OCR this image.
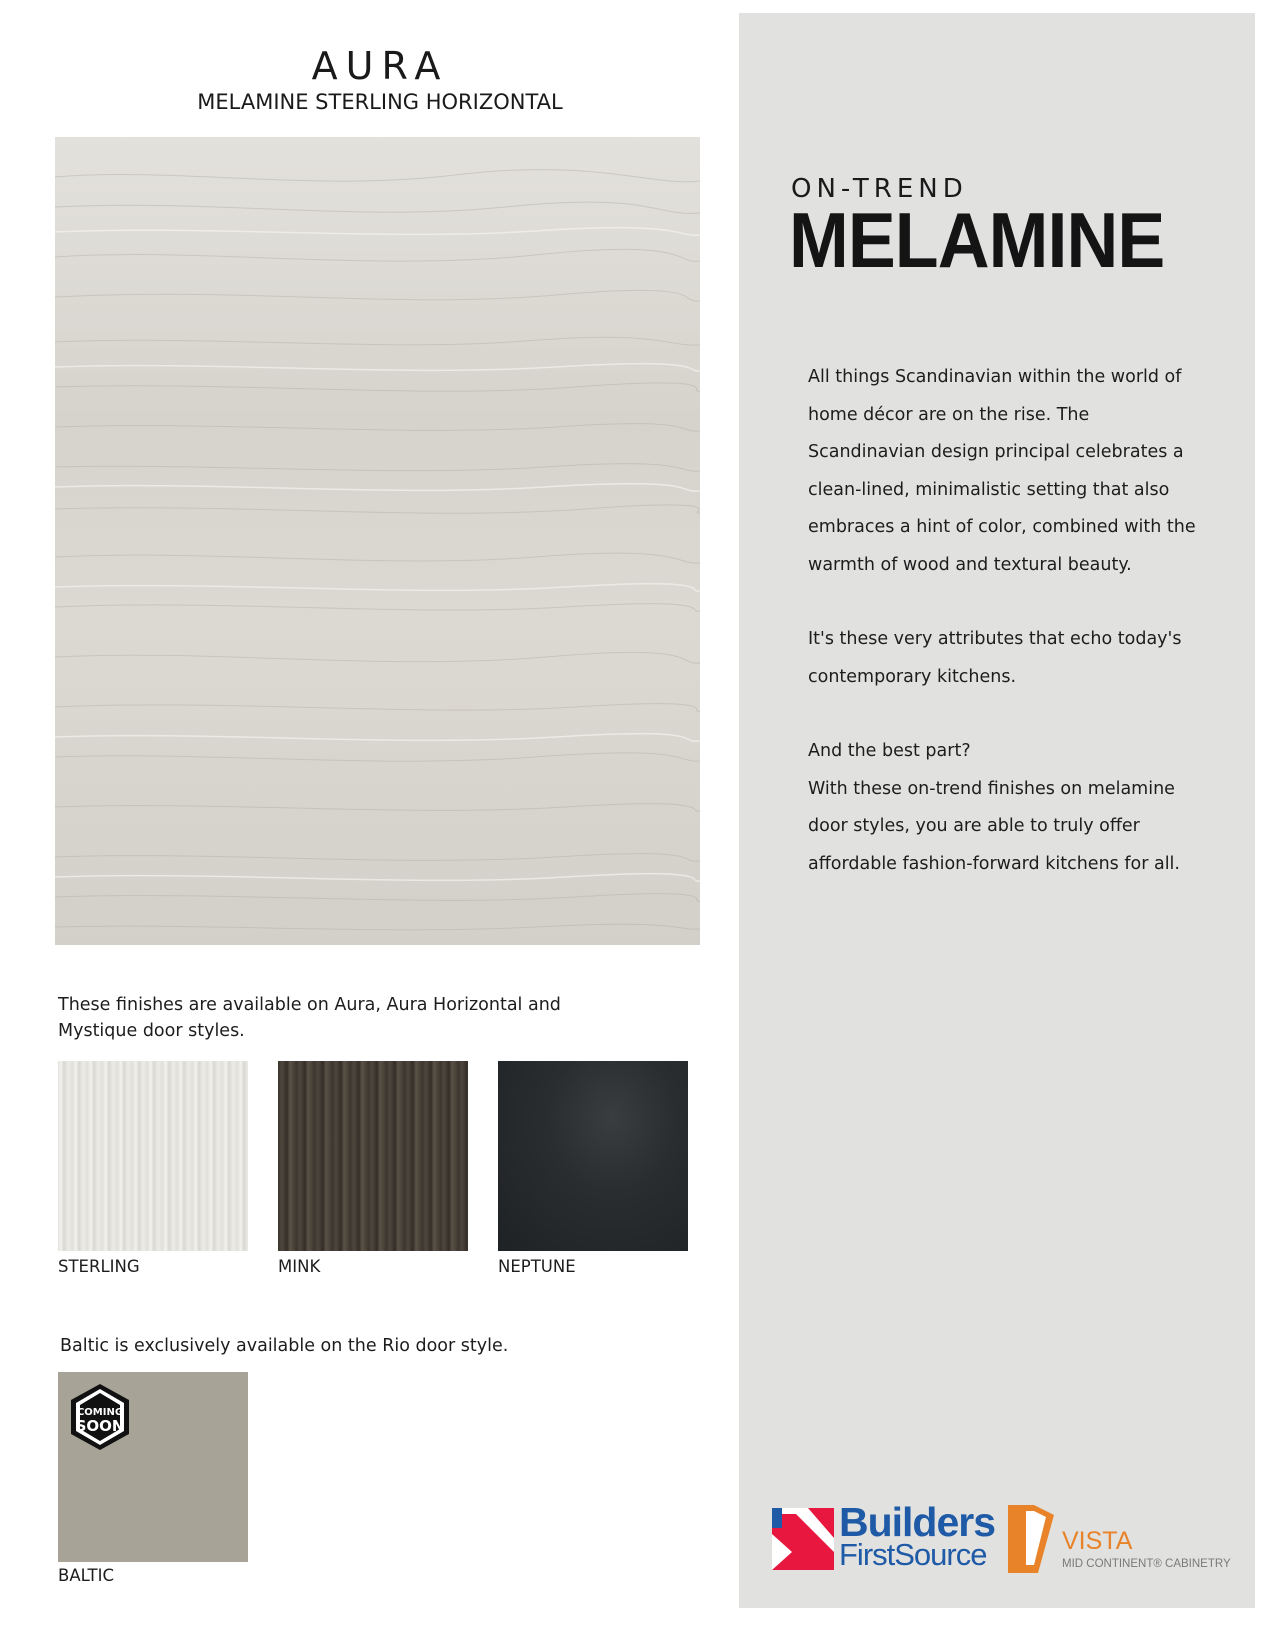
AURA
MELAMINE STERLING HORIZONTAL
These finishes are available on Aura, Aura Horizontal and Mystique door styles.
STERLING	MINK	NEPTUNE
Baltic is exclusively available on the Rio door style.
COMING
SOON
BALTIC
ON-TREND
MELAMINE

All things Scandinavian within the world of home décor are on the rise. The Scandinavian design principal celebrates a clean-lined, minimalistic setting that also embraces a hint of color, combined with the warmth of wood and textural beauty.

It's these very attributes that echo today's contemporary kitchens.

And the best part?
With these on-trend finishes on melamine door styles, you are able to truly offer affordable fashion-forward kitchens for all.
Builders
FirstSource	VISTA
MID CONTINENT® CABINETRY
